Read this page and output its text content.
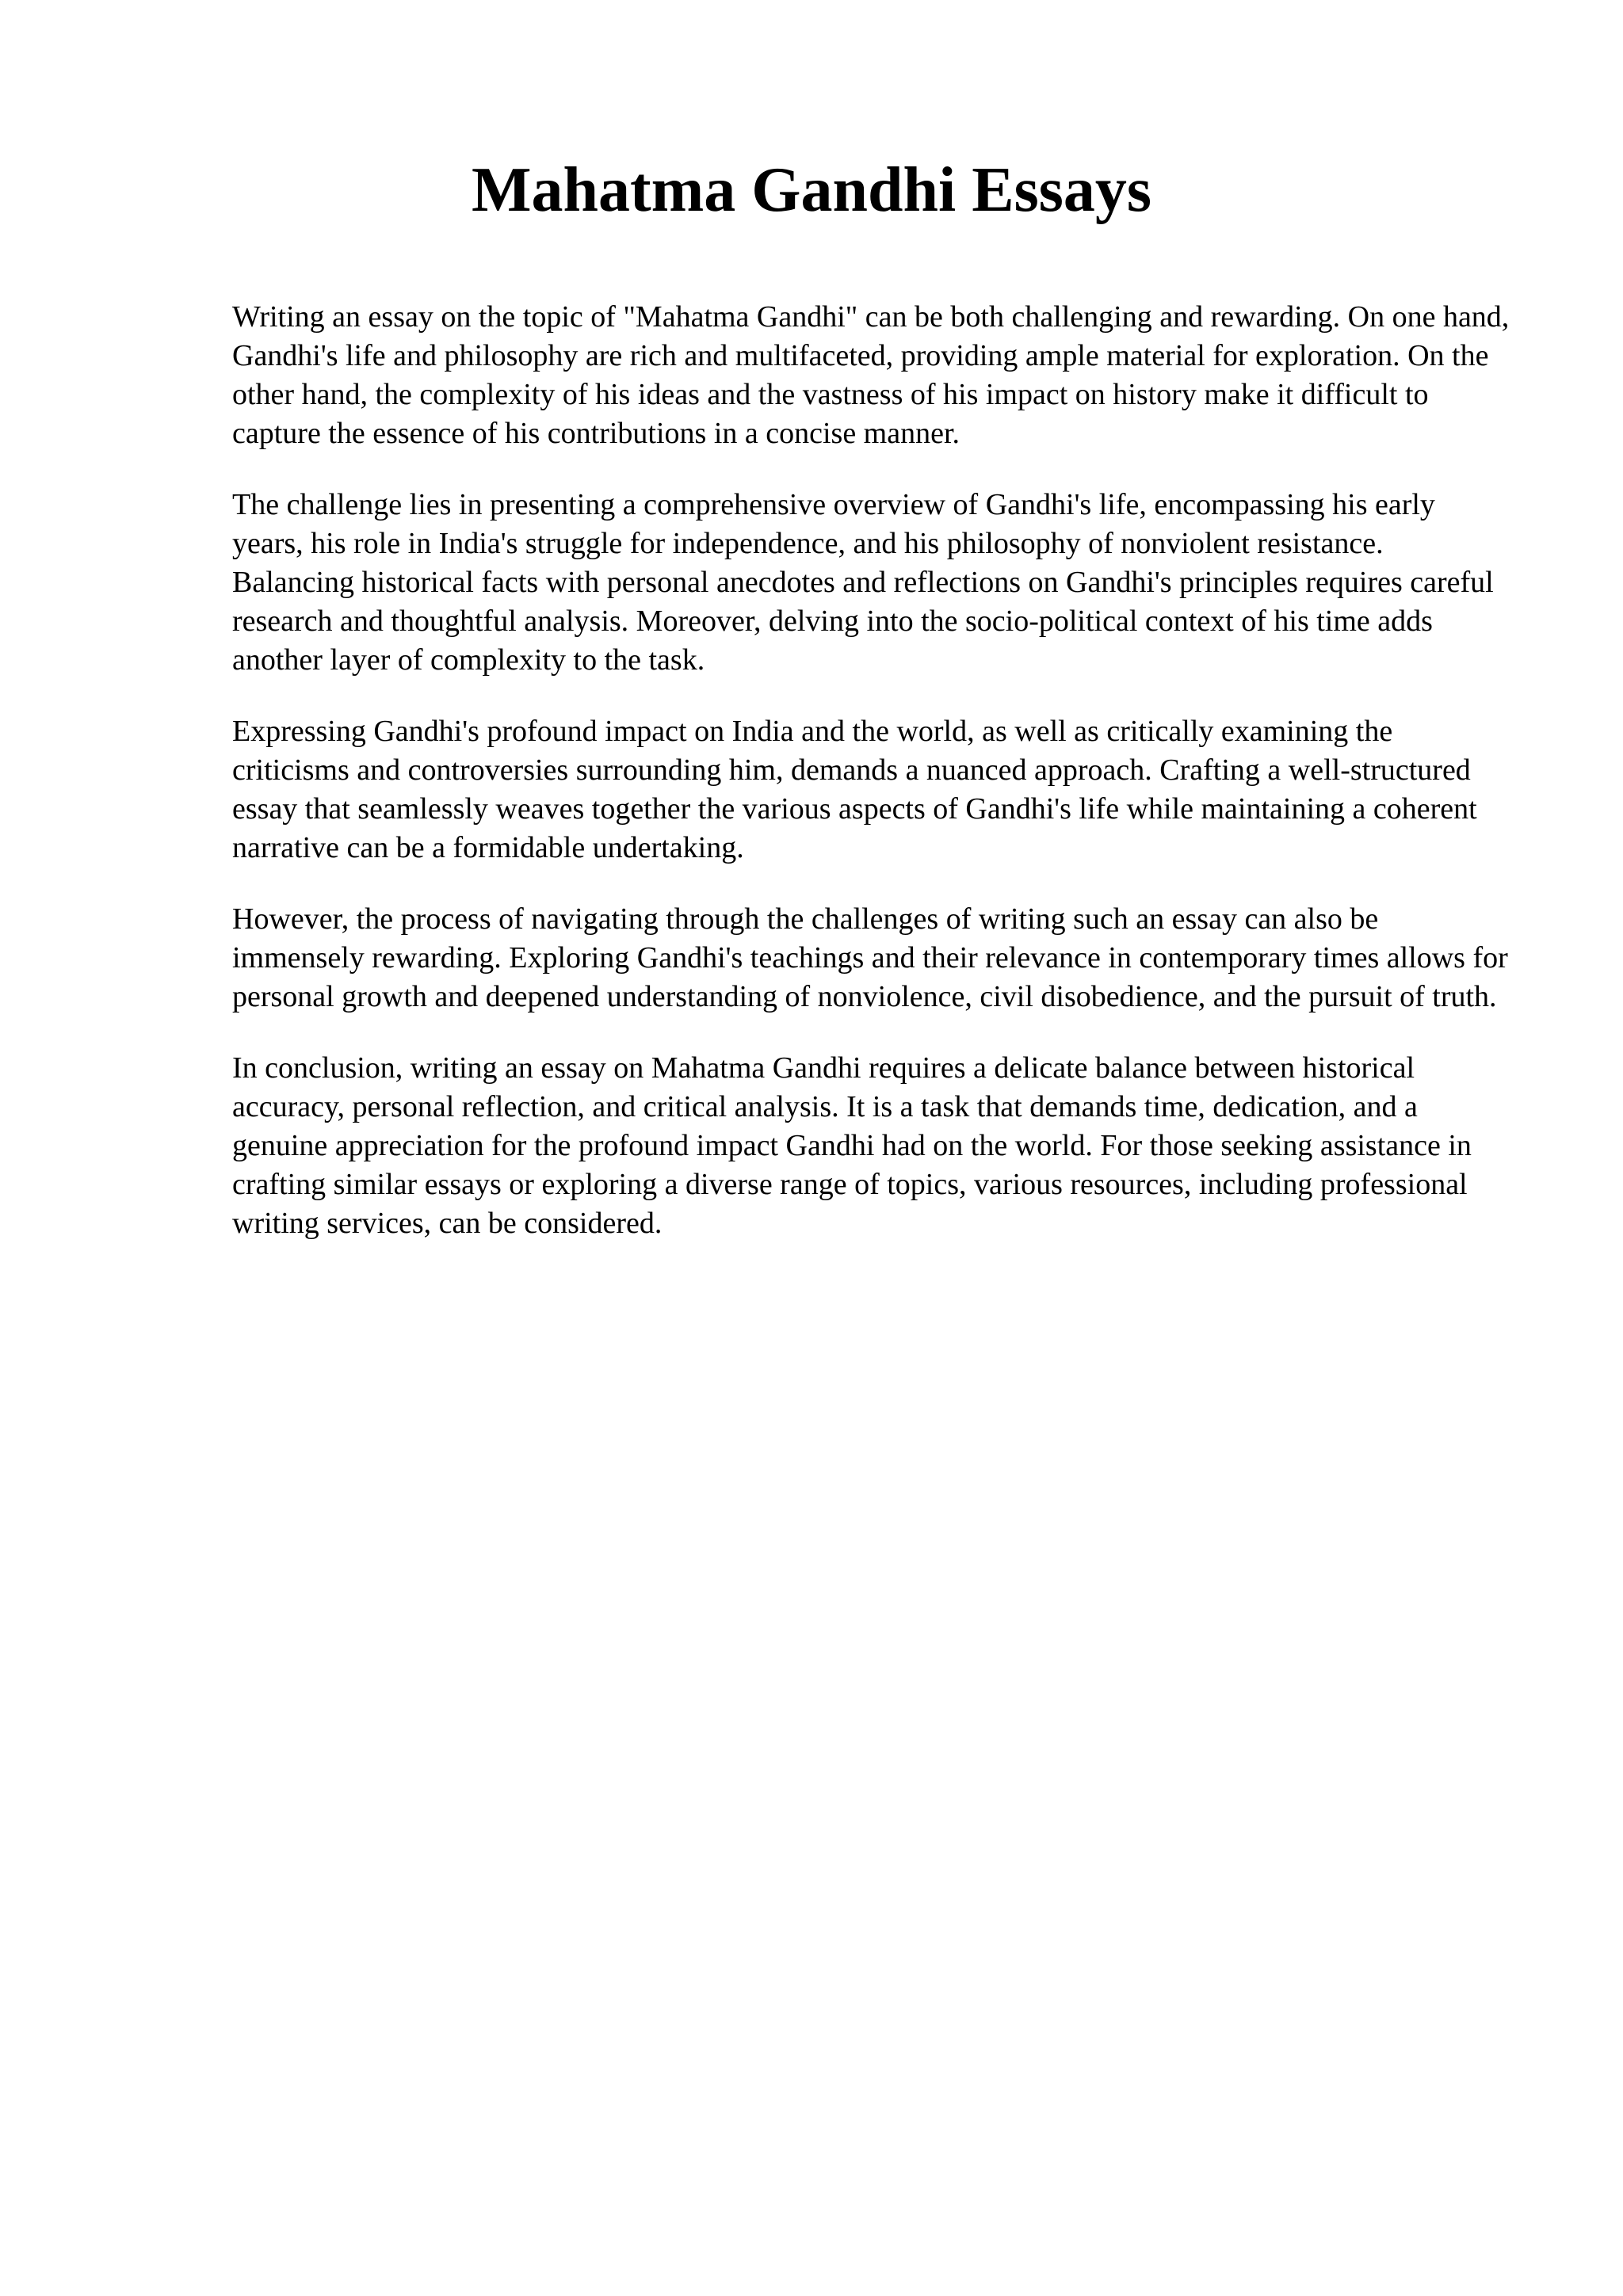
Mahatma Gandhi Essays

Writing an essay on the topic of "Mahatma Gandhi" can be both challenging and rewarding. On one hand, Gandhi's life and philosophy are rich and multifaceted, providing ample material for exploration. On the other hand, the complexity of his ideas and the vastness of his impact on history make it difficult to capture the essence of his contributions in a concise manner.

The challenge lies in presenting a comprehensive overview of Gandhi's life, encompassing his early years, his role in India's struggle for independence, and his philosophy of nonviolent resistance. Balancing historical facts with personal anecdotes and reflections on Gandhi's principles requires careful research and thoughtful analysis. Moreover, delving into the socio-political context of his time adds another layer of complexity to the task.

Expressing Gandhi's profound impact on India and the world, as well as critically examining the criticisms and controversies surrounding him, demands a nuanced approach. Crafting a well-structured essay that seamlessly weaves together the various aspects of Gandhi's life while maintaining a coherent narrative can be a formidable undertaking.

However, the process of navigating through the challenges of writing such an essay can also be immensely rewarding. Exploring Gandhi's teachings and their relevance in contemporary times allows for personal growth and deepened understanding of nonviolence, civil disobedience, and the pursuit of truth.

In conclusion, writing an essay on Mahatma Gandhi requires a delicate balance between historical accuracy, personal reflection, and critical analysis. It is a task that demands time, dedication, and a genuine appreciation for the profound impact Gandhi had on the world. For those seeking assistance in crafting similar essays or exploring a diverse range of topics, various resources, including professional writing services, can be considered.
